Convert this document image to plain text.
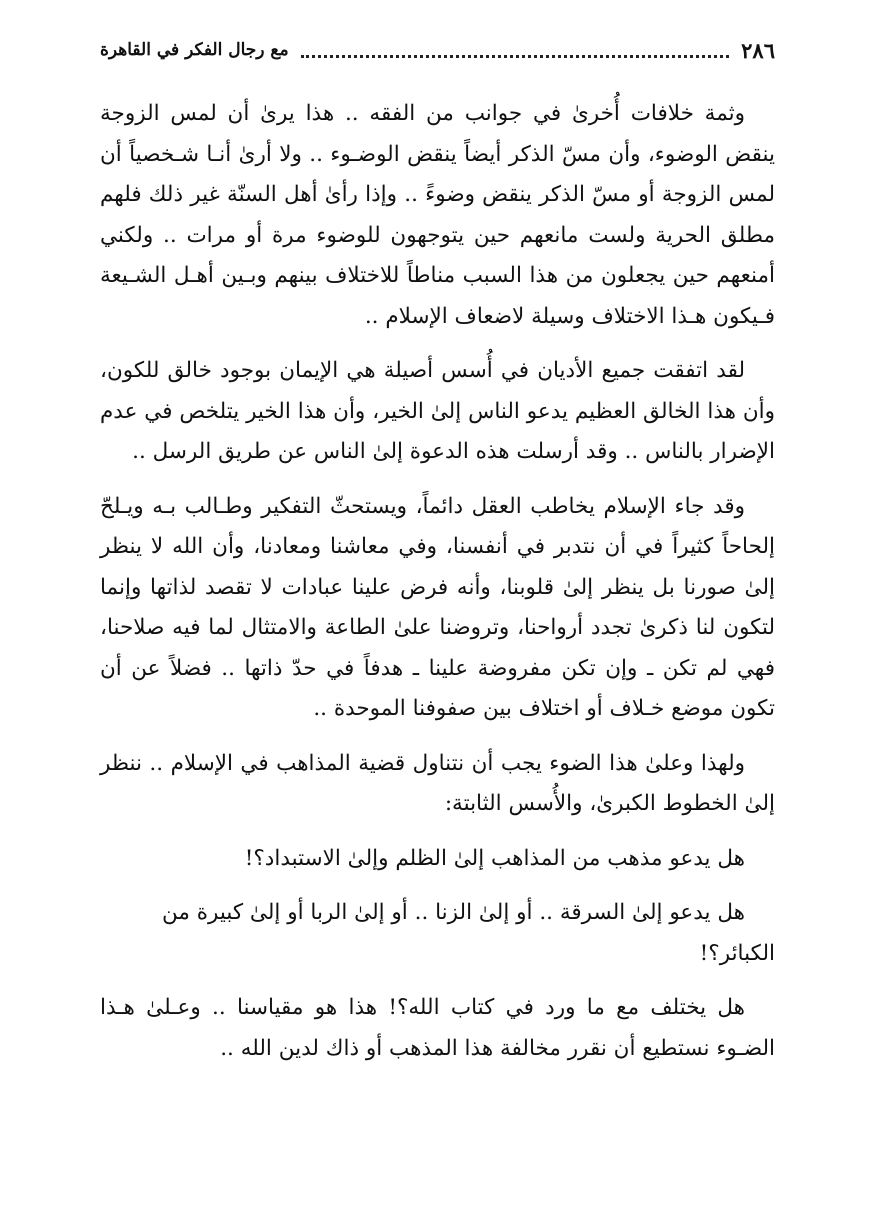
٢٨٦
مع رجال الفكر في القاهرة

وثمة خلافات أُخرىٰ في جوانب من الفقه .. هذا يرىٰ أن لمس الزوجة ينقض الوضوء، وأن مسّ الذكر أيضاً ينقض الوضـوء .. ولا أرىٰ أنـا شـخصياً أن لمس الزوجة أو مسّ الذكر ينقض وضوءً .. وإذا رأىٰ أهل السنّة غير ذلك فلهم مطلق الحرية ولست مانعهم حين يتوجهون للوضوء مرة أو مرات .. ولكني أمنعهم حين يجعلون من هذا السبب مناطاً للاختلاف بينهم وبـين أهـل الشـيعة فـيكون هـذا الاختلاف وسيلة لاضعاف الإسلام ..

لقد اتفقت جميع الأديان في أُسس أصيلة هي الإيمان بوجود خالق للكون، وأن هذا الخالق العظيم يدعو الناس إلىٰ الخير، وأن هذا الخير يتلخص في عدم الإضرار بالناس .. وقد أرسلت هذه الدعوة إلىٰ الناس عن طريق الرسل ..

وقد جاء الإسلام يخاطب العقل دائماً، ويستحثّ التفكير وطـالب بـه ويـلحّ إلحاحاً كثيراً في أن نتدبر في أنفسنا، وفي معاشنا ومعادنا، وأن الله لا ينظر إلىٰ صورنا بل ينظر إلىٰ قلوبنا، وأنه فرض علينا عبادات لا تقصد لذاتها وإنما لتكون لنا ذكرىٰ تجدد أرواحنا، وتروضنا علىٰ الطاعة والامتثال لما فيه صلاحنا، فهي لم تكن ـ وإن تكن مفروضة علينا ـ هدفاً في حدّ ذاتها .. فضلاً عن أن تكون موضع خـلاف أو اختلاف بين صفوفنا الموحدة ..

ولهذا وعلىٰ هذا الضوء يجب أن نتناول قضية المذاهب في الإسلام .. ننظر إلىٰ الخطوط الكبرىٰ، والأُسس الثابتة:

هل يدعو مذهب من المذاهب إلىٰ الظلم وإلىٰ الاستبداد؟!

هل يدعو إلىٰ السرقة .. أو إلىٰ الزنا .. أو إلىٰ الربا أو إلىٰ كبيرة من الكبائر؟!

هل يختلف مع ما ورد في كتاب الله؟! هذا هو مقياسنا .. وعـلىٰ هـذا الضـوء نستطيع أن نقرر مخالفة هذا المذهب أو ذاك لدين الله ..
